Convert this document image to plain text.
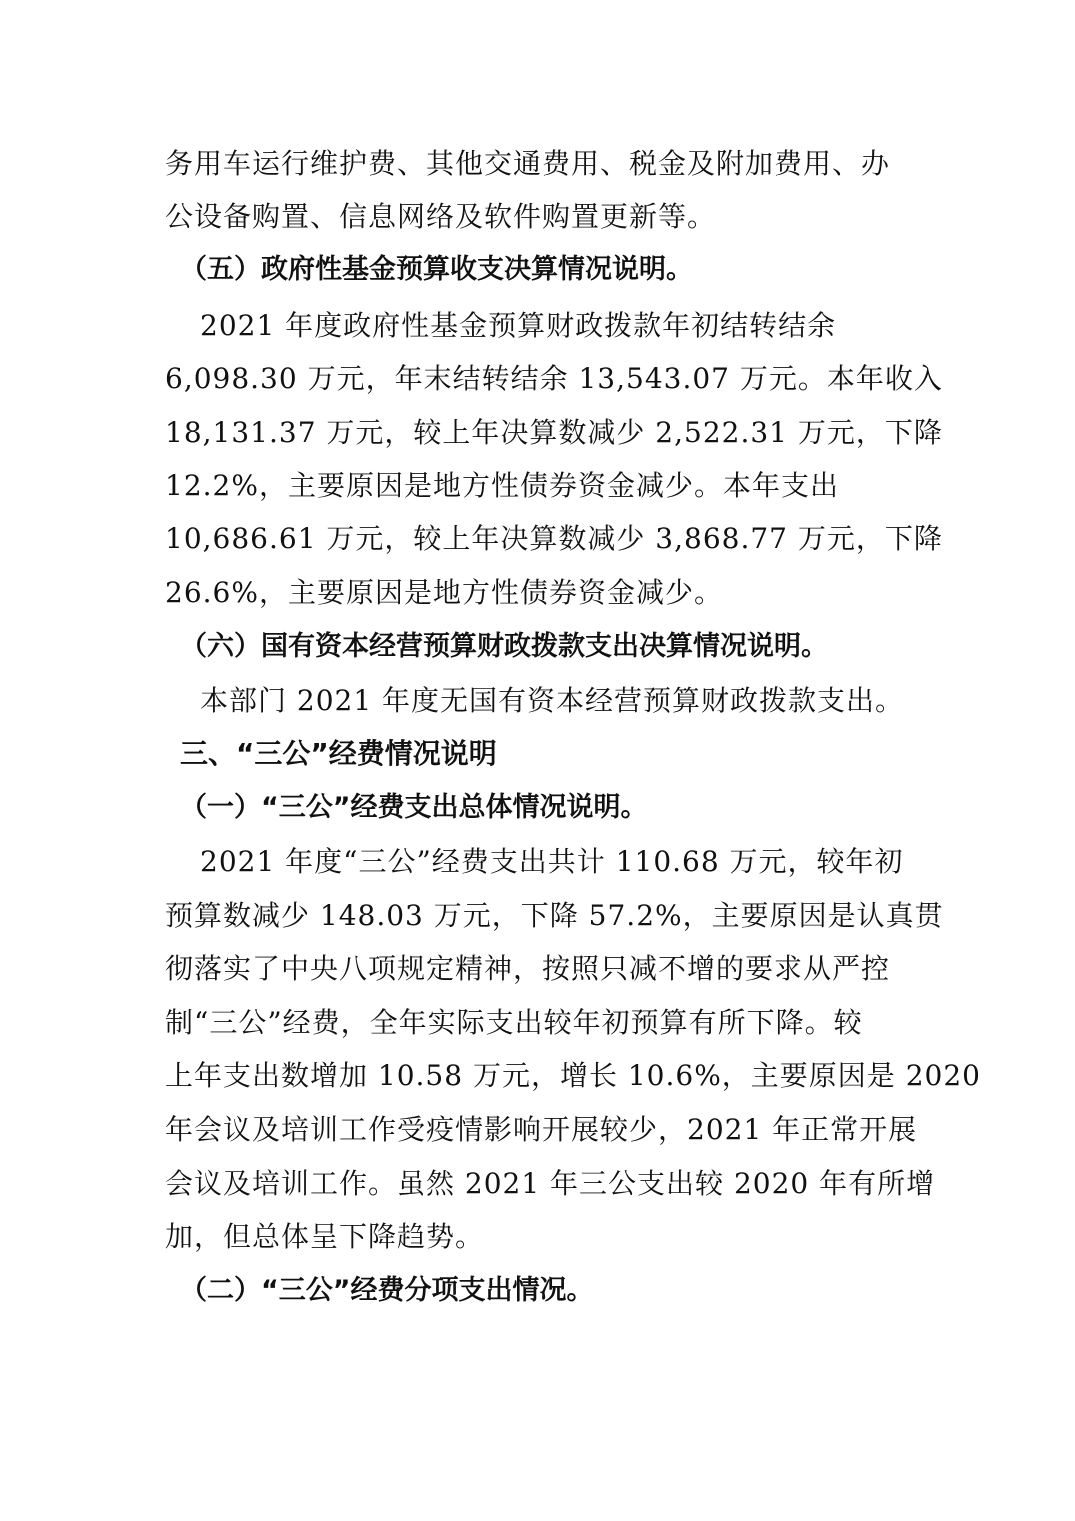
务用车运行维护费、其他交通费用、税金及附加费用、办
公设备购置、信息网络及软件购置更新等。
（五）政府性基金预算收支决算情况说明。
2021 年度政府性基金预算财政拨款年初结转结余
6,098.30 万元，年末结转结余 13,543.07 万元。本年收入
18,131.37 万元，较上年决算数减少 2,522.31 万元，下降
12.2%，主要原因是地方性债券资金减少。本年支出
10,686.61 万元，较上年决算数减少 3,868.77 万元，下降
26.6%，主要原因是地方性债券资金减少。
（六）国有资本经营预算财政拨款支出决算情况说明。
本部门 2021 年度无国有资本经营预算财政拨款支出。
三、“三公”经费情况说明
（一）“三公”经费支出总体情况说明。
2021 年度“三公”经费支出共计 110.68 万元，较年初
预算数减少 148.03 万元，下降 57.2%，主要原因是认真贯
彻落实了中央八项规定精神，按照只减不增的要求从严控
制“三公”经费，全年实际支出较年初预算有所下降。较
上年支出数增加 10.58 万元，增长 10.6%，主要原因是 2020
年会议及培训工作受疫情影响开展较少，2021 年正常开展
会议及培训工作。虽然 2021 年三公支出较 2020 年有所增
加，但总体呈下降趋势。
（二）“三公”经费分项支出情况。
